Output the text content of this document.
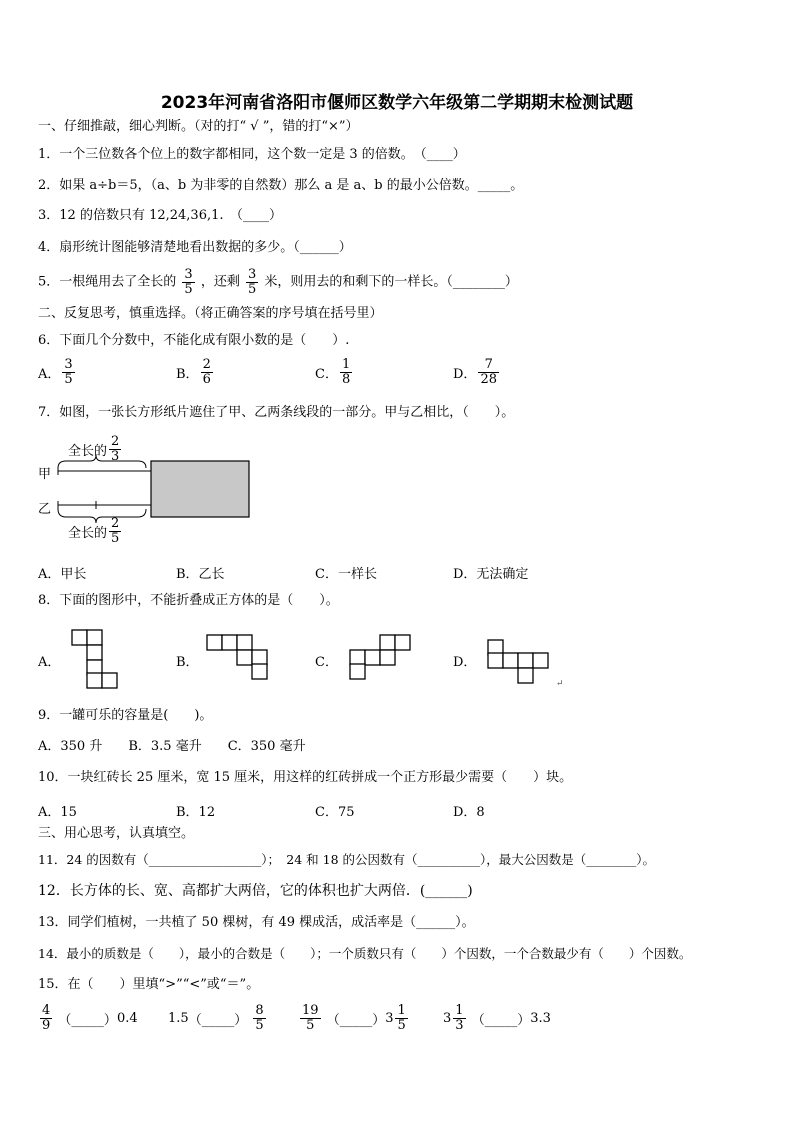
2023年河南省洛阳市偃师区数学六年级第二学期期末检测试题
一、仔细推敲，细心判断。（对的打“ √ ”，错的打“×”）
1．一个三位数各个位上的数字都相同，这个数一定是 3 的倍数。　（____）
2．如果 a÷b＝5，（a、b 为非零的自然数）那么 a 是 a、b 的最小公倍数。_____。
3．12 的倍数只有 12,24,36,1.　（____）
4．扇形统计图能够清楚地看出数据的多少。（______）
5．一根绳用去了全长的 $\frac{3}{5}$ ，还剩 $\frac{3}{5}$ 米，则用去的和剩下的一样长。（________）
二、反复思考，慎重选择。（将正确答案的序号填在括号里）
6．下面几个分数中，不能化成有限小数的是（　　）.
A． $\frac{3}{5}$	B． $\frac{2}{6}$	C． $\frac{1}{8}$	D． $\frac{7}{28}$
7．如图，一张长方形纸片遮住了甲、乙两条线段的一部分。甲与乙相比，（　　）。
全长的 $\frac{2}{3}$
甲
乙
全长的 $\frac{2}{5}$
A．甲长	B．乙长	C．一样长	D．无法确定
8．下面的图形中，不能折叠成正方体的是（　　）。
A．	B．	C．	D．
↵
9．一罐可乐的容量是(　　)。
A．350 升　　B．3.5 毫升　　C．350 毫升
10．一块红砖长 25 厘米，宽 15 厘米，用这样的红砖拼成一个正方形最少需要（　　）块。
A．15	B．12	C．75	D．8
三、用心思考，认真填空。
11．24 的因数有（__________________）；　24 和 18 的公因数有（__________），最大公因数是（________）。
12．长方体的长、宽、高都扩大两倍，它的体积也扩大两倍．(______)
13．同学们植树，一共植了 50 棵树，有 49 棵成活，成活率是（______）。
14．最小的质数是（　　），最小的合数是（　　）；一个质数只有（　　）个因数，一个合数最少有（　　）个因数。
15．在（　　）里填“>”“<”或“＝”。
$\frac{4}{9}$ （_____）0.4 1.5（_____） $\frac{8}{5}$	$\frac{19}{5}$ （_____）3 $\frac{1}{5}$	$3 \frac{1}{3}$ （_____）3.3
